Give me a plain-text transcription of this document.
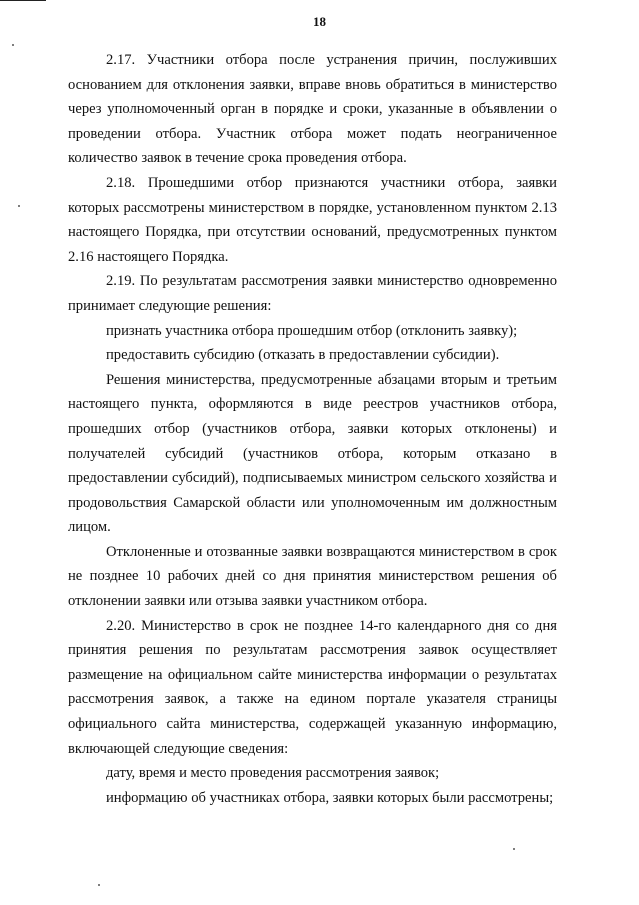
18

2.17. Участники отбора после устранения причин, послуживших основанием для отклонения заявки, вправе вновь обратиться в министерство через уполномоченный орган в порядке и сроки, указанные в объявлении о проведении отбора. Участник отбора может подать неограниченное количество заявок в течение срока проведения отбора.

2.18. Прошедшими отбор признаются участники отбора, заявки которых рассмотрены министерством в порядке, установленном пунктом 2.13 настоящего Порядка, при отсутствии оснований, предусмотренных пунктом 2.16 настоящего Порядка.

2.19. По результатам рассмотрения заявки министерство одновременно принимает следующие решения:

признать участника отбора прошедшим отбор (отклонить заявку);

предоставить субсидию (отказать в предоставлении субсидии).

Решения министерства, предусмотренные абзацами вторым и третьим настоящего пункта, оформляются в виде реестров участников отбора, прошедших отбор (участников отбора, заявки которых отклонены) и получателей субсидий (участников отбора, которым отказано в предоставлении субсидий), подписываемых министром сельского хозяйства и продовольствия Самарской области или уполномоченным им должностным лицом.

Отклоненные и отозванные заявки возвращаются министерством в срок не позднее 10 рабочих дней со дня принятия министерством решения об отклонении заявки или отзыва заявки участником отбора.

2.20. Министерство в срок не позднее 14-го календарного дня со дня принятия решения по результатам рассмотрения заявок осуществляет размещение на официальном сайте министерства информации о результатах рассмотрения заявок, а также на едином портале указателя страницы официального сайта министерства, содержащей указанную информацию, включающей следующие сведения:

дату, время и место проведения рассмотрения заявок;

информацию об участниках отбора, заявки которых были рассмотрены;
